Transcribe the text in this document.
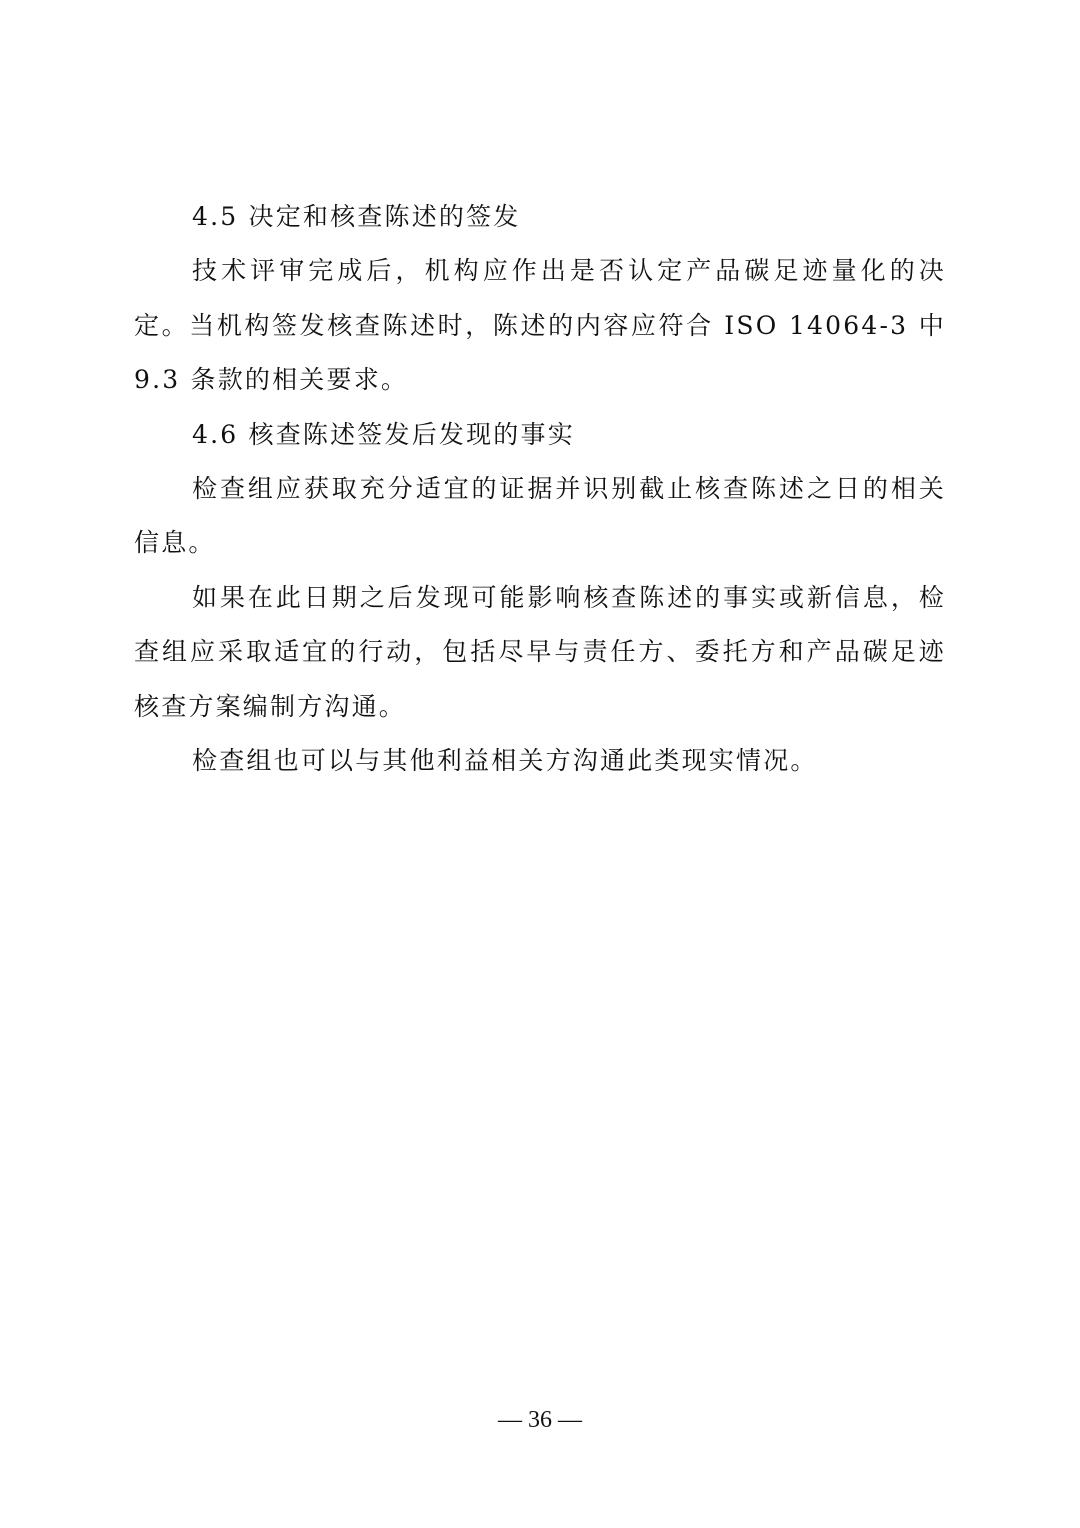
4.5 决定和核查陈述的签发

技术评审完成后，机构应作出是否认定产品碳足迹量化的决定。当机构签发核查陈述时，陈述的内容应符合 ISO 14064-3 中 9.3 条款的相关要求。

4.6 核查陈述签发后发现的事实

检查组应获取充分适宜的证据并识别截止核查陈述之日的相关信息。

如果在此日期之后发现可能影响核查陈述的事实或新信息，检查组应采取适宜的行动，包括尽早与责任方、委托方和产品碳足迹核查方案编制方沟通。

检查组也可以与其他利益相关方沟通此类现实情况。

— 36 —
